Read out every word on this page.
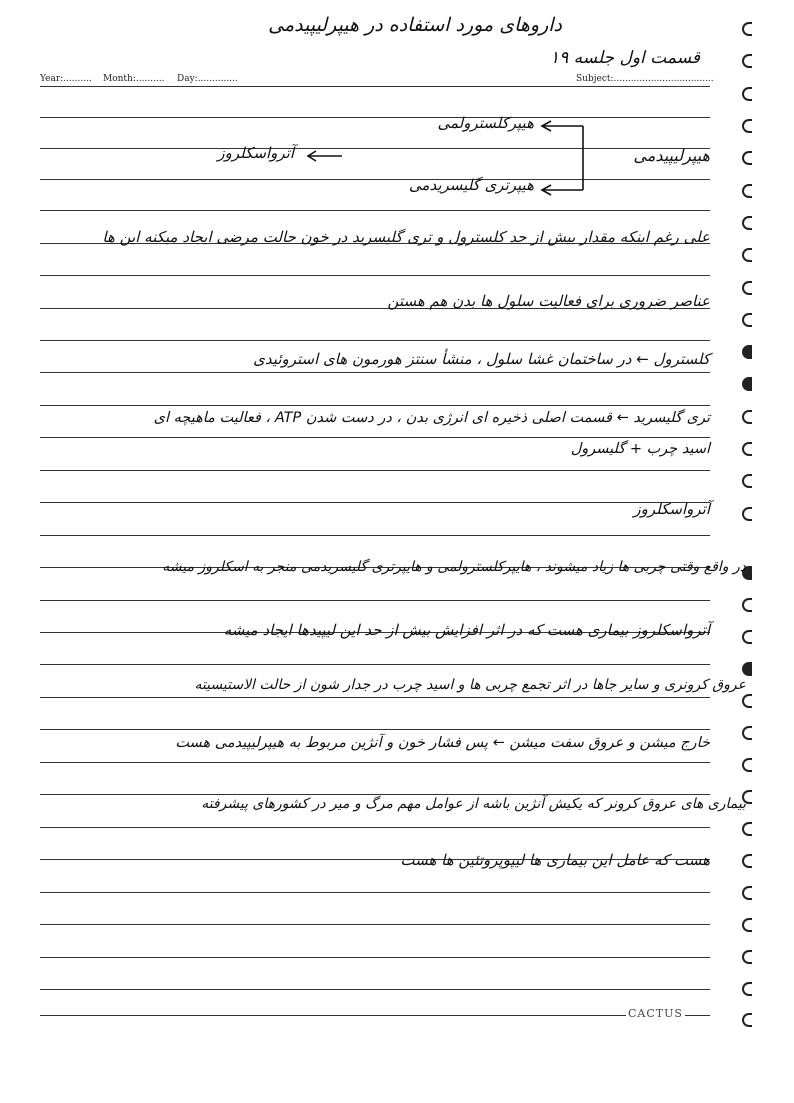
داروهای مورد استفاده در هیپرلیپیدمی
قسمت اول جلسه ۱۹
Year:.......... Month:.......... Day:..............	Subject:...................................
CACTUS
هیپرکلسترولمی
هیپرلیپیدمی
آترواسکلروز
هیپرتری گلیسریدمی
علی رغم اینکه مقدار بیش از حد کلسترول و تری گلیسرید در خون حالت مرضی ایجاد میکنه این ها
عناصر ضروری برای فعالیت سلول ها بدن هم هستن
کلسترول ← در ساختمان غشا سلول ، منشأ سنتز هورمون های استروئیدی
تری گلیسرید ← قسمت اصلی ذخیره ای انرژی بدن ، در دست شدن ATP ، فعالیت ماهیچه ای
اسید چرب + گلیسرول
آترواسکلروز
در واقع وقتی چربی ها زیاد میشوند ، هایپرکلسترولمی و هایپرتری گلیسریدمی منجر به اسکلروز میشه
آترواسکلروز بیماری هست که در اثر افزایش بیش از حد این لیپیدها ایجاد میشه
عروق کرونری و سایر جاها در اثر تجمع چربی ها و اسید چرب در جدار شون از حالت الاستیسیته
خارج میشن و عروق سفت میشن ← پس فشار خون و آنژین مربوط به هیپرلیپیدمی هست
بیماری های عروق کرونر که یکیش آنژین باشه از عوامل مهم مرگ و میر در کشورهای پیشرفته
هست که عامل این بیماری ها لیپوپروتئین ها هست
